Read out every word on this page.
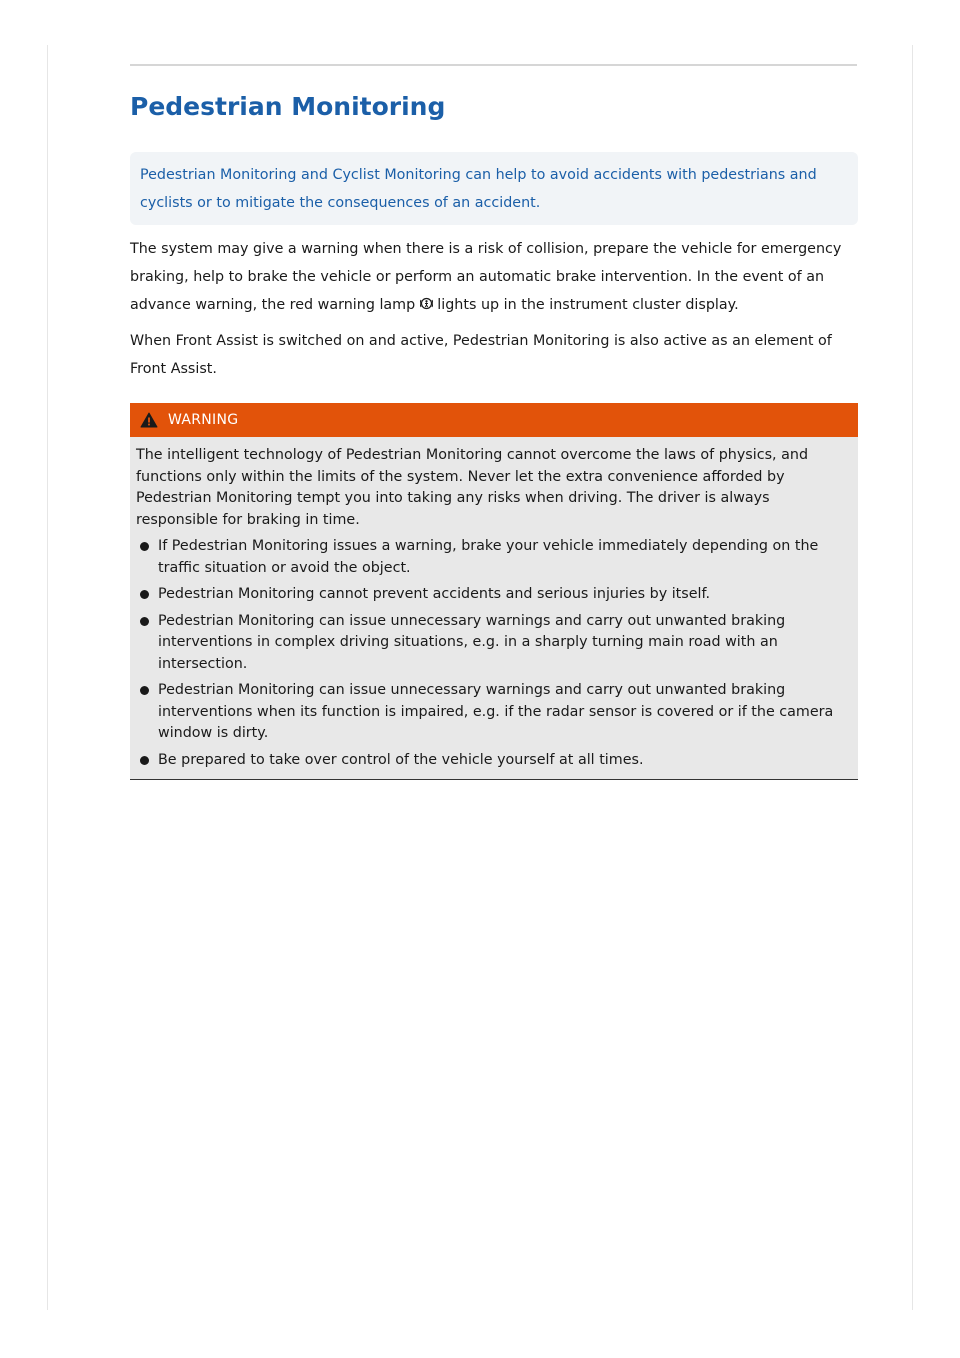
Pedestrian Monitoring
Pedestrian Monitoring and Cyclist Monitoring can help to avoid accidents with pedestrians and cyclists or to mitigate the consequences of an accident.

The system may give a warning when there is a risk of collision, prepare the vehicle for emergency braking, help to brake the vehicle or perform an automatic brake intervention. In the event of an advance warning, the red warning lamp lights up in the instrument cluster display.

When Front Assist is switched on and active, Pedestrian Monitoring is also active as an element of Front Assist.

WARNING

The intelligent technology of Pedestrian Monitoring cannot overcome the laws of physics, and functions only within the limits of the system. Never let the extra convenience afforded by Pedestrian Monitoring tempt you into taking any risks when driving. The driver is always responsible for braking in time.

If Pedestrian Monitoring issues a warning, brake your vehicle immediately depending on the traffic situation or avoid the object.
Pedestrian Monitoring cannot prevent accidents and serious injuries by itself.
Pedestrian Monitoring can issue unnecessary warnings and carry out unwanted braking interventions in complex driving situations, e.g. in a sharply turning main road with an intersection.
Pedestrian Monitoring can issue unnecessary warnings and carry out unwanted braking interventions when its function is impaired, e.g. if the radar sensor is covered or if the camera window is dirty.
Be prepared to take over control of the vehicle yourself at all times.
